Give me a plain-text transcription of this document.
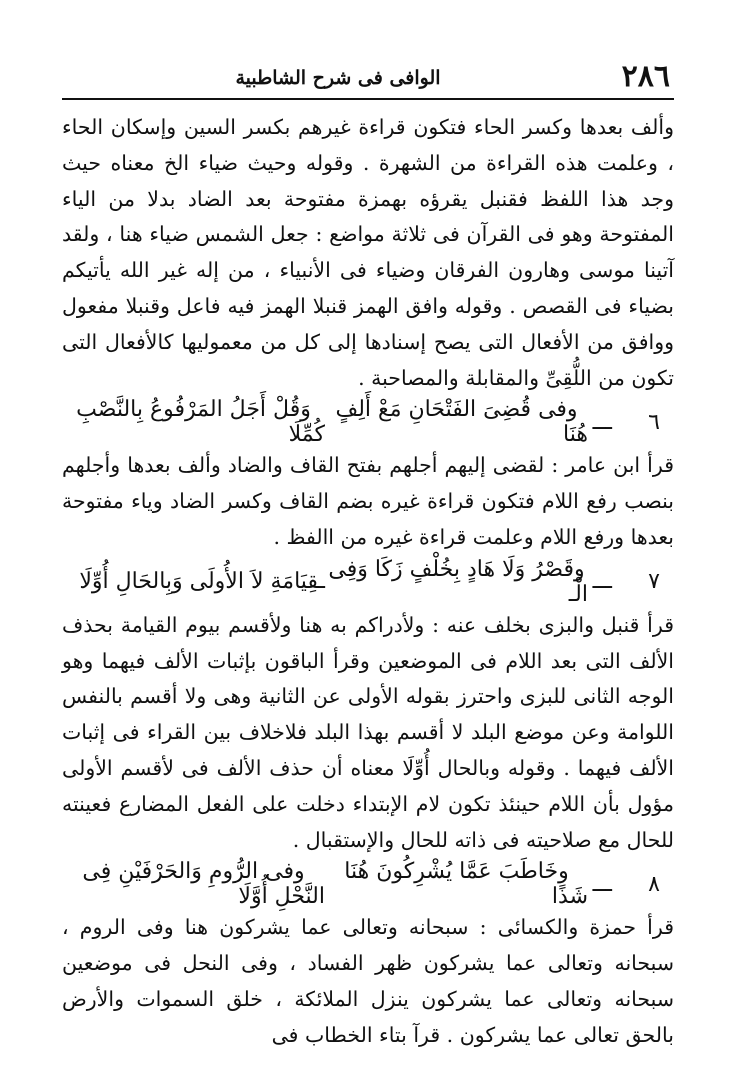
٢٨٦
الوافى فى شرح الشاطبية

وألف بعدها وكسر الحاء فتكون قراءة غيرهم بكسر السين وإسكان الحاء ، وعلمت هذه القراءة من الشهرة . وقوله وحيث ضياء الخ معناه حيث وجد هذا اللفظ فقنبل يقرؤه بهمزة مفتوحة بعد الضاد بدلا من الياء المفتوحة وهو فى القرآن فى ثلاثة مواضع : جعل الشمس ضياء هنا ، ولقد آتينا موسى وهارون الفرقان وضياء فى الأنبياء ، من إله غير الله يأتيكم بضياء فى القصص . وقوله وافق الهمز قنبلا الهمز فيه فاعل وقنبلا مفعول ووافق من الأفعال التى يصح إسنادها إلى كل من معموليها كالأفعال التى تكون من اللُّقِىِّ والمقابلة والمصاحبة .

٦
ـــ
وفى قُضِىَ الفَتْحَانِ مَعْ أَلِفٍ هُنَا
وَقُلْ أَجَلُ المَرْفُوعُ بِالنَّصْبِ كُمِّلَا

قرأ ابن عامر : لقضى إليهم أجلهم بفتح القاف والضاد وألف بعدها وأجلهم بنصب رفع اللام فتكون قراءة غيره بضم القاف وكسر الضاد وياء مفتوحة بعدها ورفع اللام وعلمت قراءة غيره من االفظ .

٧
ـــ
وقَصْرُ وَلَا هَادٍ بِخُلْفٍ زَكَا وَفِى الْـ
ـقِيَامَةِ لاَ الأُولَى وَبِالحَالِ أُوِّلَا

قرأ قنبل والبزى بخلف عنه : ولأدراكم به هنا ولأقسم بيوم القيامة بحذف الألف التى بعد اللام فى الموضعين وقرأ الباقون بإثبات الألف فيهما وهو الوجه الثانى للبزى واحترز بقوله الأولى عن الثانية وهى ولا أقسم بالنفس اللوامة وعن موضع البلد لا أقسم بهذا البلد فلاخلاف بين القراء فى إثبات الألف فيهما . وقوله وبالحال أُوِّلَا معناه أن حذف الألف فى لأقسم الأولى مؤول بأن اللام حينئذ تكون لام الإبتداء دخلت على الفعل المضارع فعينته للحال مع صلاحيته فى ذاته للحال والإستقبال .

٨
ـــ
وخَاطَبَ عَمَّا يُشْرِكُونَ هُنَا شَذًا
وفى الرُّومِ وَالحَرْفَيْنِ فِى النَّحْلِ أُوَّلَا

قرأ حمزة والكسائى : سبحانه وتعالى عما يشركون هنا وفى الروم ، سبحانه وتعالى عما يشركون ظهر الفساد ، وفى النحل فى موضعين سبحانه وتعالى عما يشركون ينزل الملائكة ، خلق السموات والأرض بالحق تعالى عما يشركون . قرآ بتاء الخطاب فى
